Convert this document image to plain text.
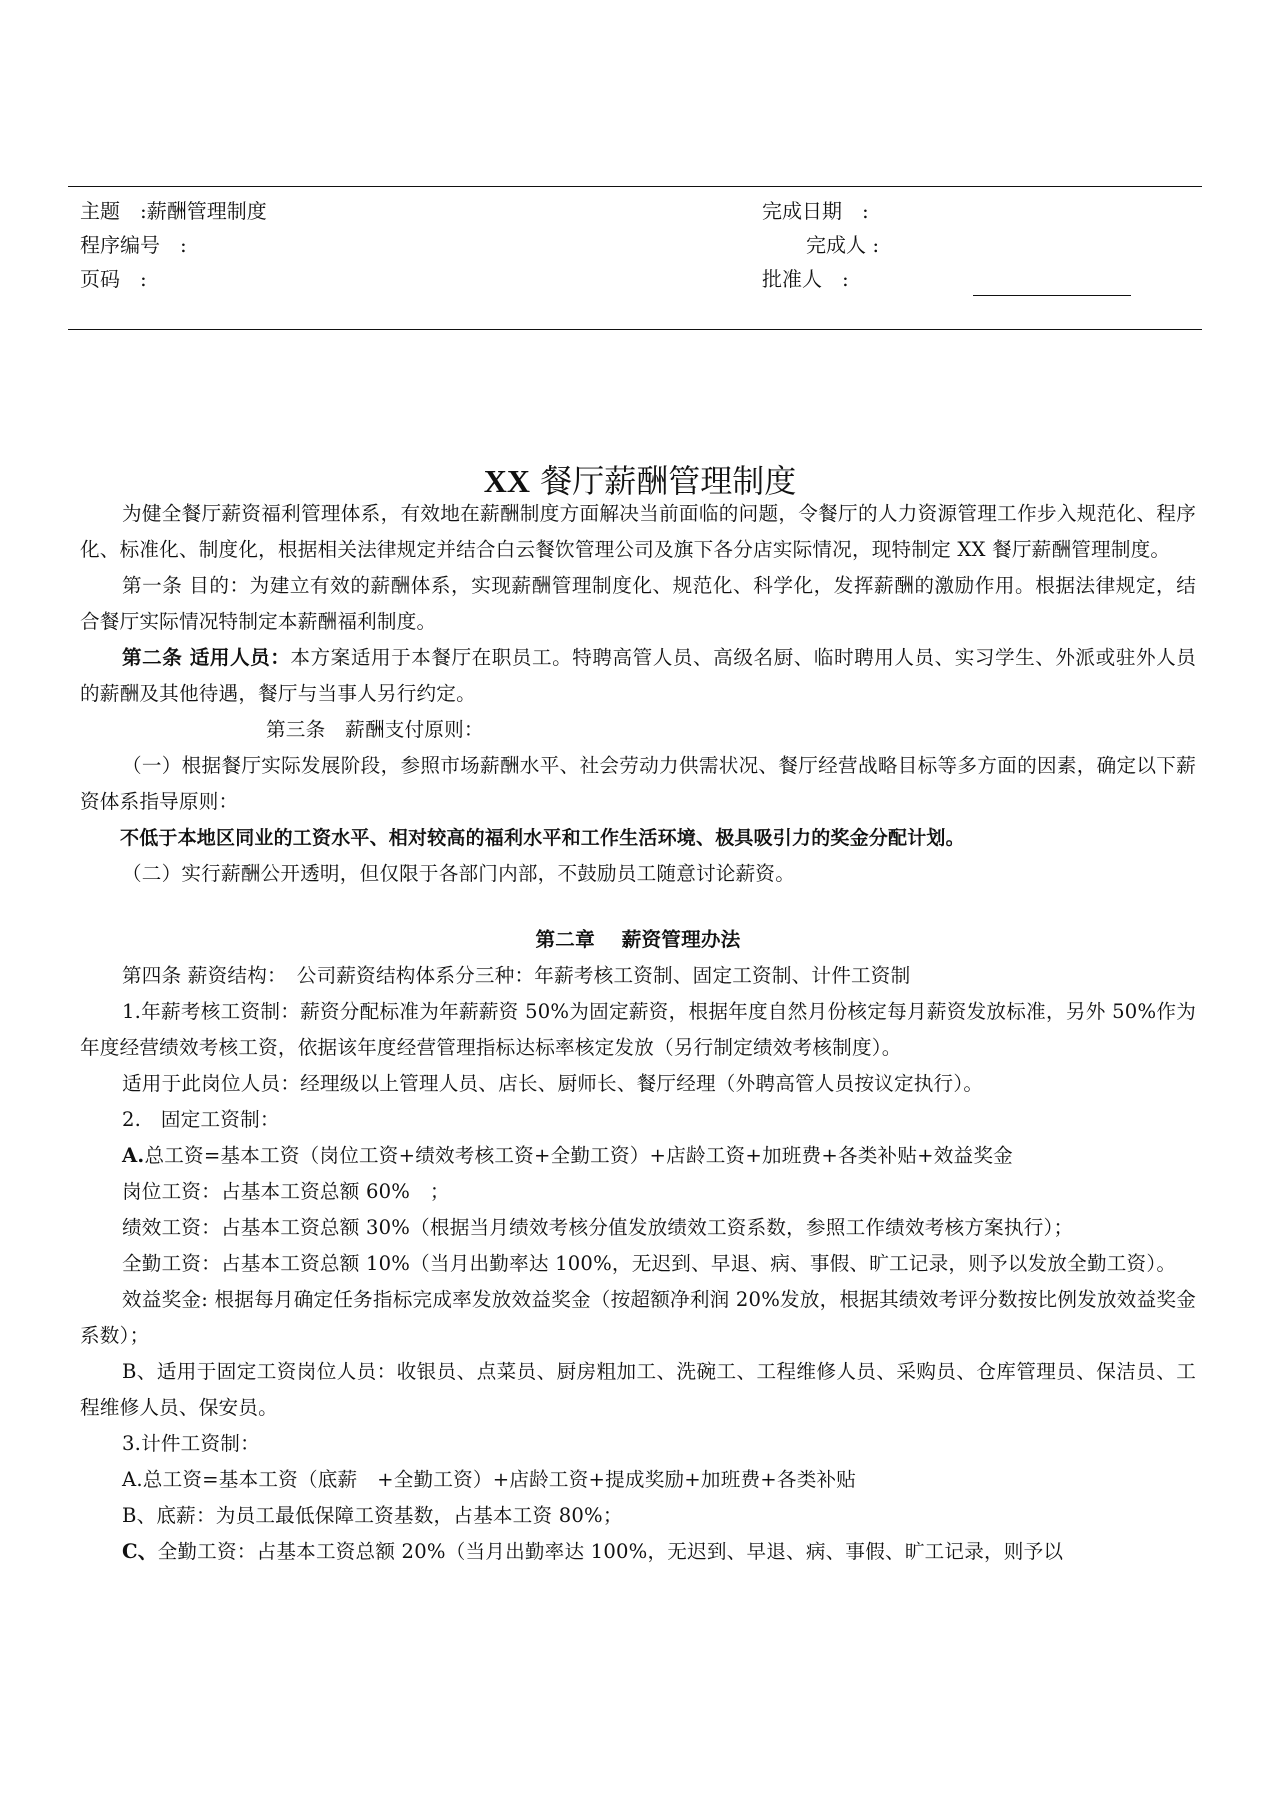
主题　:薪酬管理制度
程序编号　:
页码　:
完成日期　:
完成人 :
批准人　:
XX 餐厅薪酬管理制度

为健全餐厅薪资福利管理体系，有效地在薪酬制度方面解决当前面临的问题，令餐厅的人力资源管理工作步入规范化、程序化、标准化、制度化，根据相关法律规定并结合白云餐饮管理公司及旗下各分店实际情况，现特制定 XX 餐厅薪酬管理制度。

第一条 目的：为建立有效的薪酬体系，实现薪酬管理制度化、规范化、科学化，发挥薪酬的激励作用。根据法律规定，结合餐厅实际情况特制定本薪酬福利制度。

第二条 适用人员：本方案适用于本餐厅在职员工。特聘高管人员、高级名厨、临时聘用人员、实习学生、外派或驻外人员的薪酬及其他待遇，餐厅与当事人另行约定。

第三条　薪酬支付原则：

（一）根据餐厅实际发展阶段，参照市场薪酬水平、社会劳动力供需状况、餐厅经营战略目标等多方面的因素，确定以下薪资体系指导原则：

不低于本地区同业的工资水平、相对较高的福利水平和工作生活环境、极具吸引力的奖金分配计划。

（二）实行薪酬公开透明，但仅限于各部门内部，不鼓励员工随意讨论薪资。

第二章　 薪资管理办法

第四条 薪资结构：　公司薪资结构体系分三种：年薪考核工资制、固定工资制、计件工资制

1.年薪考核工资制：薪资分配标准为年薪薪资 50%为固定薪资，根据年度自然月份核定每月薪资发放标准，另外 50%作为年度经营绩效考核工资，依据该年度经营管理指标达标率核定发放（另行制定绩效考核制度）。

适用于此岗位人员：经理级以上管理人员、店长、厨师长、餐厅经理（外聘高管人员按议定执行）。

2.　固定工资制：

A.总工资=基本工资（岗位工资+绩效考核工资+全勤工资）+店龄工资+加班费+各类补贴+效益奖金

岗位工资：占基本工资总额 60%　；

绩效工资：占基本工资总额 30%（根据当月绩效考核分值发放绩效工资系数，参照工作绩效考核方案执行）；

全勤工资：占基本工资总额 10%（当月出勤率达 100%，无迟到、早退、病、事假、旷工记录，则予以发放全勤工资）。

效益奖金: 根据每月确定任务指标完成率发放效益奖金（按超额净利润 20%发放，根据其绩效考评分数按比例发放效益奖金系数）；

B、适用于固定工资岗位人员：收银员、点菜员、厨房粗加工、洗碗工、工程维修人员、采购员、仓库管理员、保洁员、工程维修人员、保安员。

3.计件工资制：

A.总工资=基本工资（底薪　+全勤工资）+店龄工资+提成奖励+加班费+各类补贴

B、底薪：为员工最低保障工资基数，占基本工资 80%；

C、全勤工资：占基本工资总额 20%（当月出勤率达 100%，无迟到、早退、病、事假、旷工记录，则予以
